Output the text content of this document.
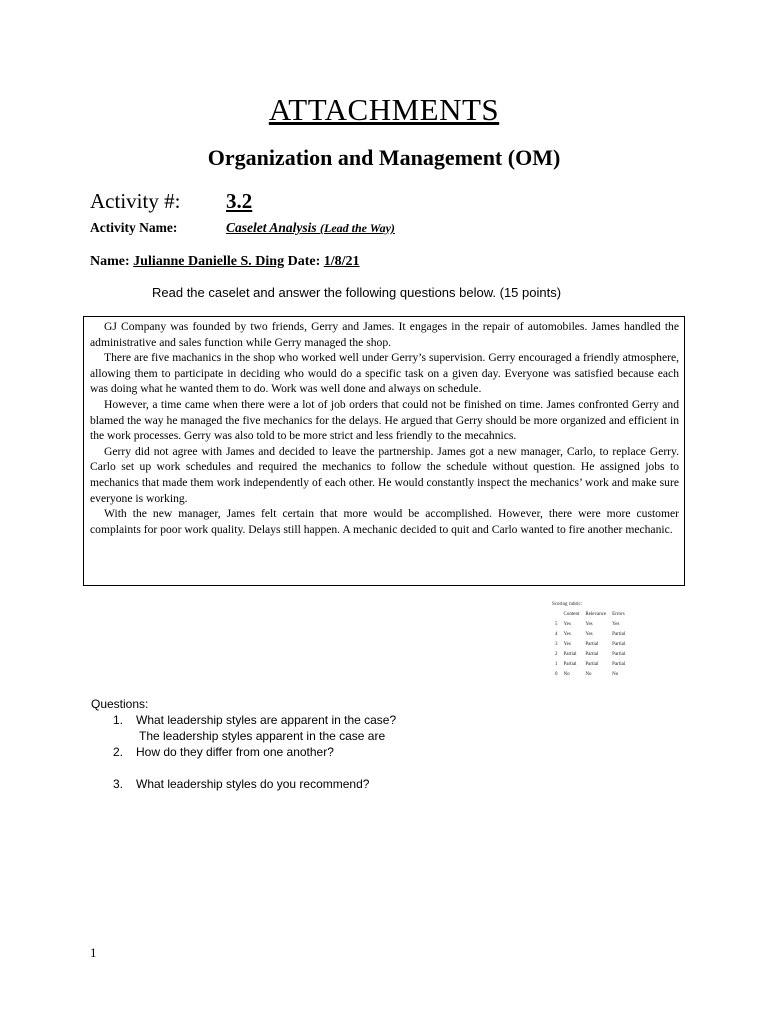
ATTACHMENTS
Organization and Management (OM)
Activity #: 3.2
Activity Name:	Caselet Analysis (Lead the Way)
Name: Julianne Danielle S. Ding Date: 1/8/21
Read the caselet and answer the following questions below. (15 points)

GJ Company was founded by two friends, Gerry and James. It engages in the repair of automobiles. James handled the administrative and sales function while Gerry managed the shop.

There are five machanics in the shop who worked well under Gerry’s supervision. Gerry encouraged a friendly atmosphere, allowing them to participate in deciding who would do a specific task on a given day. Everyone was satisfied because each was doing what he wanted them to do. Work was well done and always on schedule.

However, a time came when there were a lot of job orders that could not be finished on time. James confronted Gerry and blamed the way he managed the five mechanics for the delays. He argued that Gerry should be more organized and efficient in the work processes. Gerry was also told to be more strict and less friendly to the mecahnics.

Gerry did not agree with James and decided to leave the partnership. James got a new manager, Carlo, to replace Gerry. Carlo set up work schedules and required the mechanics to follow the schedule without question. He assigned jobs to mechanics that made them work independently of each other. He would constantly inspect the mechanics’ work and make sure everyone is working.

With the new manager, James felt certain that more would be accomplished. However, there were more customer complaints for poor work quality. Delays still happen. A mechanic decided to quit and Carlo wanted to fire another mechanic.

Scoring rubric:
	Content	Relevance	Errors
5	Yes	Yes	Yes
4	Yes	Yes	Partial
3	Yes	Partial	Partial
2	Partial	Partial	Partial
1	Partial	Partial	Partial
0	No	No	No
Questions:
1. What leadership styles are apparent in the case?
The leadership styles apparent in the case are
2. How do they differ from one another?
3. What leadership styles do you recommend?
1
